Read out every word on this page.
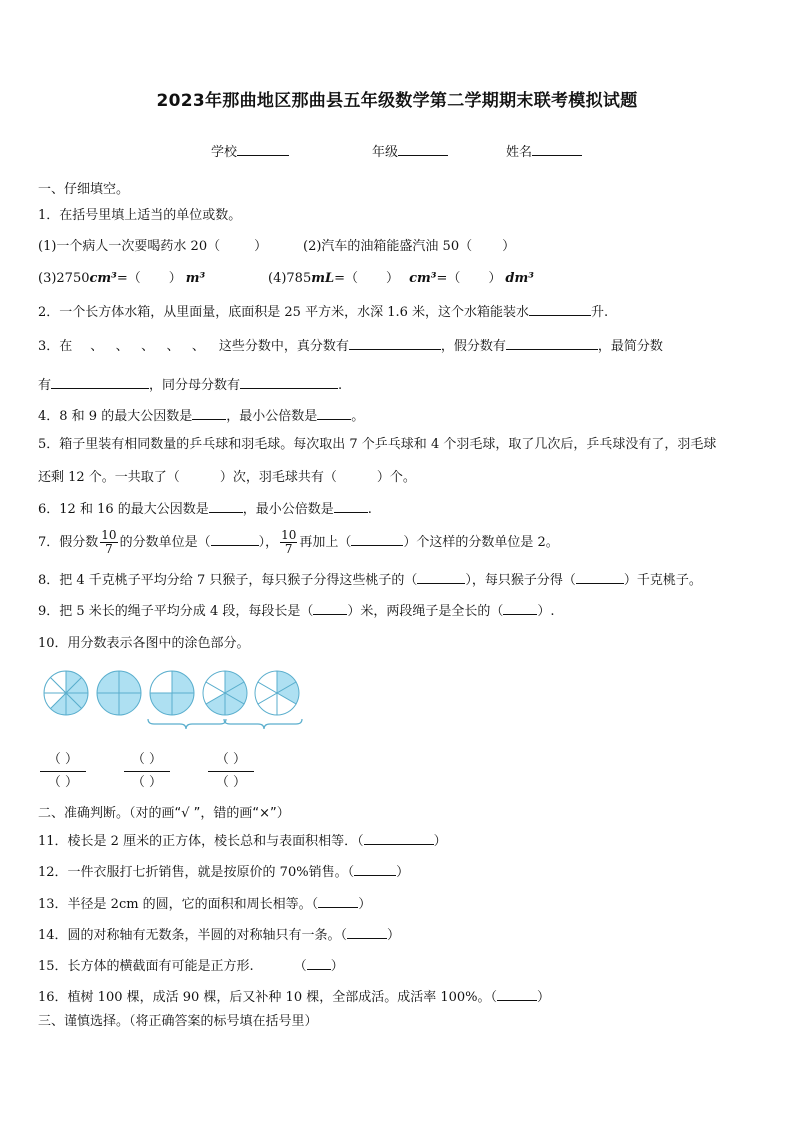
2023年那曲地区那曲县五年级数学第二学期期末联考模拟试题
学校	年级	姓名
一、仔细填空。
1．在括号里填上适当的单位或数。
(1)一个病人一次要喝药水 20（	）	(2)汽车的油箱能盛汽油 50（ ）
(3)2750cm³=（ ） m³	(4)785mL=（ ） cm³=（ ） dm³
2．一个长方体水箱，从里面量，底面积是 25 平方米，水深 1.6 米，这个水箱能装水	升.
3．在 、   、   、   、   、 这些分数中，真分数有	，假分数有	，最简分数
有	，同分母分数有	.
4．8 和 9 的最大公因数是	，最小公倍数是	。
5．箱子里装有相同数量的乒乓球和羽毛球。每次取出 7 个乒乓球和 4 个羽毛球，取了几次后，乒乓球没有了，羽毛球
还剩 12 个。一共取了（	）次，羽毛球共有（	）个。
6．12 和 16 的最大公因数是	，最小公倍数是	.
7．假分数 $\frac{10}{7}$ 的分数单位是（	）， $\frac{10}{7}$ 再加上（	）个这样的分数单位是 2。
8．把 4 千克桃子平均分给 7 只猴子，每只猴子分得这些桃子的（	），每只猴子分得（	）千克桃子。
9．把 5 米长的绳子平均分成 4 段，每段长是（	）米，两段绳子是全长的（	）.
10．用分数表示各图中的涂色部分。
（ ）
（ ）
（ ）
（ ）
（ ）
（ ）
二、准确判断。（对的画“√ ”，错的画“×”）
11．棱长是 2 厘米的正方体，棱长总和与表面积相等．（	）
12．一件衣服打七折销售，就是按原价的 70%销售。（	）
13．半径是 2cm 的圆，它的面积和周长相等。（	）
14．圆的对称轴有无数条，半圆的对称轴只有一条。（	）
15．长方体的横截面有可能是正方形.	（ ）
16．植树 100 棵，成活 90 棵，后又补种 10 棵，全部成活。成活率 100%。（	）
三、谨慎选择。（将正确答案的标号填在括号里）
